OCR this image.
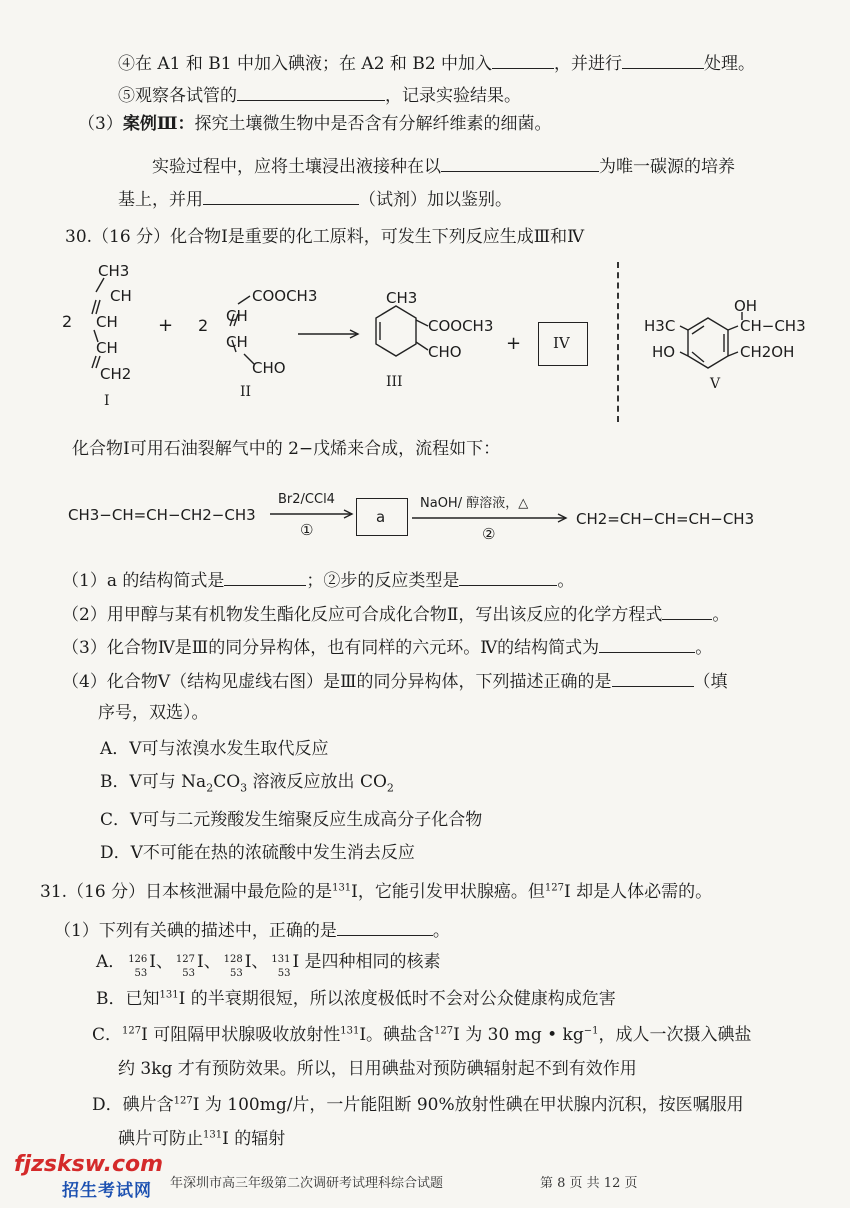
④在 A1 和 B1 中加入碘液；在 A2 和 B2 中加入	，并进行	处理。
⑤观察各试管的	，记录实验结果。
（3）案例Ⅲ：探究土壤微生物中是否含有分解纤维素的细菌。
实验过程中，应将土壤浸出液接种在以	为唯一碳源的培养
基上，并用	（试剂）加以鉴别。
30.（16 分）化合物Ⅰ是重要的化工原料，可发生下列反应生成Ⅲ和Ⅳ
2
CH3
CH
CH
CH
CH2
I
+ 2
COOCH3
CH
CH
CHO
II
CH3
COOCH3
CHO
III
+ IV
OH
H3C	CH−CH3
HO	CH2OH
V
化合物Ⅰ可用石油裂解气中的 2−戊烯来合成，流程如下：
CH3−CH=CH−CH2−CH3
Br2/CCl4
①
a
NaOH/ 醇溶液，△
②
CH2=CH−CH=CH−CH3
（1）a 的结构简式是	；②步的反应类型是	。
（2）用甲醇与某有机物发生酯化反应可合成化合物Ⅱ，写出该反应的化学方程式	。
（3）化合物Ⅳ是Ⅲ的同分异构体，也有同样的六元环。Ⅳ的结构简式为	。
（4）化合物Ⅴ（结构见虚线右图）是Ⅲ的同分异构体，下列描述正确的是	（填
序号，双选）。
A．Ⅴ可与浓溴水发生取代反应
B．Ⅴ可与 $Na_2CO_3$ 溶液反应放出 $CO_2$
C．Ⅴ可与二元羧酸发生缩聚反应生成高分子化合物
D．Ⅴ不可能在热的浓硫酸中发生消去反应
31.（16 分）日本核泄漏中最危险的是$^{131}$I，它能引发甲状腺癌。但$^{127}$I 却是人体必需的。
（1）下列有关碘的描述中，正确的是	。
A． 126
53
I、 127
53
I、 128
53
I、 131
53
I 是四种相同的核素
B．已知$^{131}$I 的半衰期很短，所以浓度极低时不会对公众健康构成危害
C．$^{127}$I 可阻隔甲状腺吸收放射性$^{131}$I。碘盐含$^{127}$I 为 30 mg • $kg^{-1}$，成人一次摄入碘盐
约 3kg 才有预防效果。所以，日用碘盐对预防碘辐射起不到有效作用
D．碘片含$^{127}$I 为 100mg/片，一片能阻断 90%放射性碘在甲状腺内沉积，按医嘱服用
碘片可防止$^{131}$I 的辐射
fjzsksw.com
招生考试网 年深圳市高三年级第二次调研考试理科综合试题	第 8 页 共 12 页
